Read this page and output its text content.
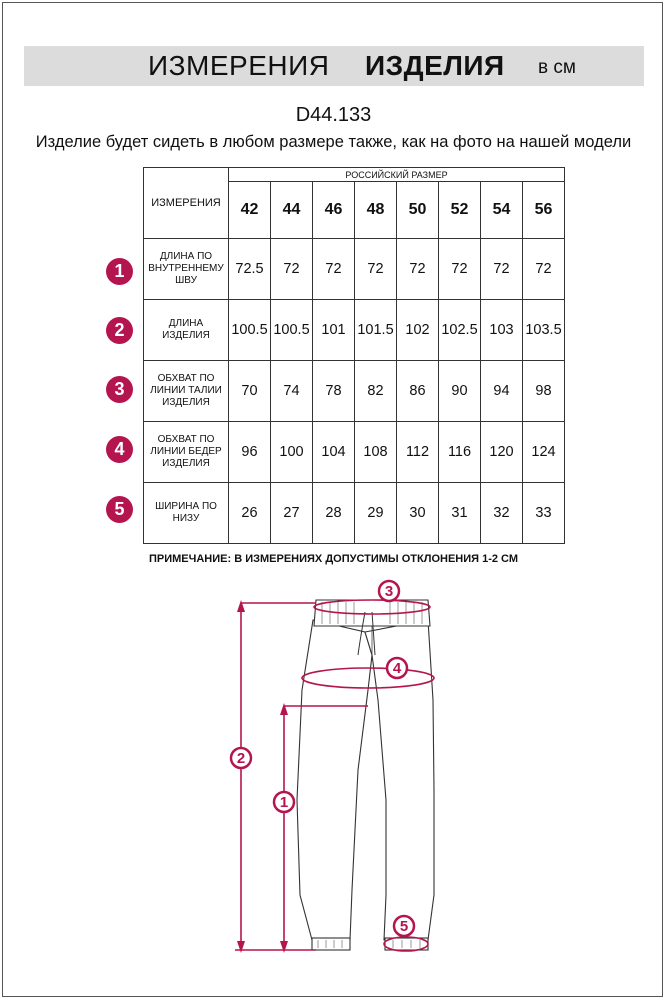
ИЗМЕРЕНИЯ ИЗДЕЛИЯ в см
D44.133
Изделие будет сидеть в любом размере также, как на фото на нашей модели
ИЗМЕРЕНИЯ	РОССИЙСКИЙ РАЗМЕР							
	42	44	46	48	50	52	54	56

ДЛИНА ПО
ВНУТРЕННЕМУ
ШВУ	72.5	72	72	72	72	72	72	72

ДЛИНА
ИЗДЕЛИЯ	100.5	100.5	101	101.5	102	102.5	103	103.5

ОБХВАТ ПО
ЛИНИИ ТАЛИИ
ИЗДЕЛИЯ	70	74	78	82	86	90	94	98

ОБХВАТ ПО
ЛИНИИ БЕДЕР
ИЗДЕЛИЯ	96	100	104	108	112	116	120	124

ШИРИНА ПО
НИЗУ	26	27	28	29	30	31	32	33
1
2
3
4
5
ПРИМЕЧАНИЕ: В ИЗМЕРЕНИЯХ ДОПУСТИМЫ ОТКЛОНЕНИЯ 1-2 СМ
3
4
2
1
5
